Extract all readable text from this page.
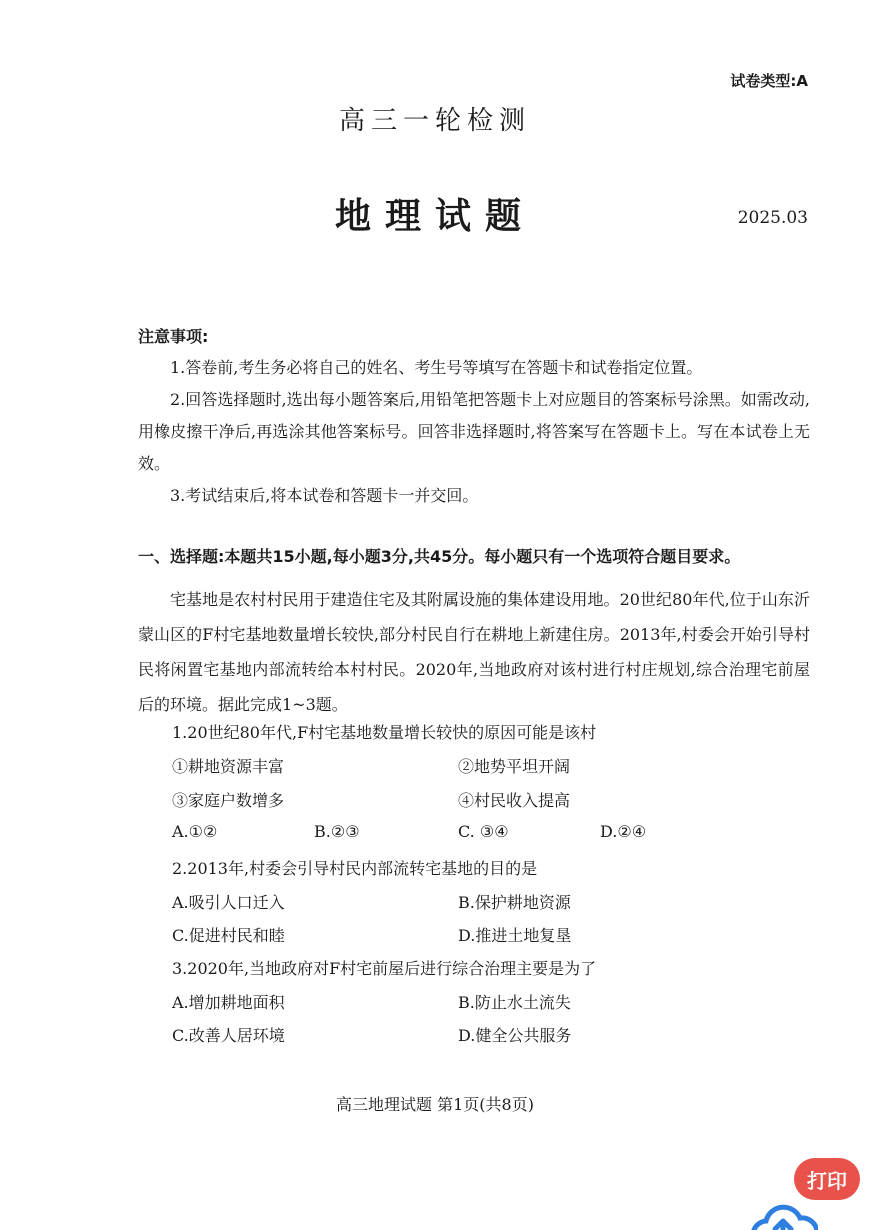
试卷类型:A
高三一轮检测
地理试题	2025.03
注意事项:
1.答卷前,考生务必将自己的姓名、考生号等填写在答题卡和试卷指定位置。
2.回答选择题时,选出每小题答案后,用铅笔把答题卡上对应题目的答案标号涂黑。如需改动,用橡皮擦干净后,再选涂其他答案标号。回答非选择题时,将答案写在答题卡上。写在本试卷上无效。
3.考试结束后,将本试卷和答题卡一并交回。
一、选择题:本题共15小题,每小题3分,共45分。每小题只有一个选项符合题目要求。
宅基地是农村村民用于建造住宅及其附属设施的集体建设用地。20世纪80年代,位于山东沂蒙山区的F村宅基地数量增长较快,部分村民自行在耕地上新建住房。2013年,村委会开始引导村民将闲置宅基地内部流转给本村村民。2020年,当地政府对该村进行村庄规划,综合治理宅前屋后的环境。据此完成1~3题。
1.20世纪80年代,F村宅基地数量增长较快的原因可能是该村
①耕地资源丰富	②地势平坦开阔
③家庭户数增多	④村民收入提高
A.①②	B.②③	C. ③④	D.②④
2.2013年,村委会引导村民内部流转宅基地的目的是
A.吸引人口迁入	B.保护耕地资源
C.促进村民和睦	D.推进土地复垦
3.2020年,当地政府对F村宅前屋后进行综合治理主要是为了
A.增加耕地面积	B.防止水土流失
C.改善人居环境	D.健全公共服务
高三地理试题 第1页(共8页)
打印
